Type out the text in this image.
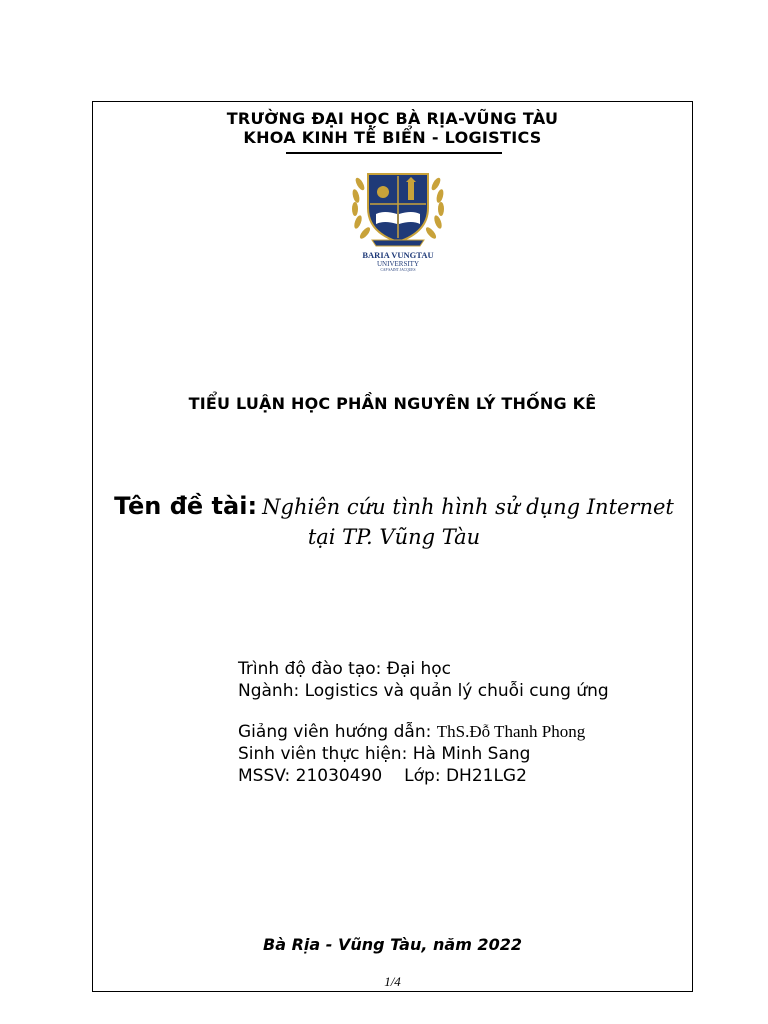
TRƯỜNG ĐẠI HỌC BÀ RỊA-VŨNG TÀU
KHOA KINH TẾ BIỂN - LOGISTICS
BARIA VUNGTAU
UNIVERSITY
CAP SAINT JACQUES
TIỂU LUẬN HỌC PHẦN NGUYÊN LÝ THỐNG KÊ
Tên đề tài: Nghiên cứu tình hình sử dụng Internet tại TP. Vũng Tàu
Trình độ đào tạo: Đại học
Ngành: Logistics và quản lý chuỗi cung ứng
Giảng viên hướng dẫn: ThS.Đỗ Thanh Phong
Sinh viên thực hiện: Hà Minh Sang
MSSV: 21030490 Lớp: DH21LG2
Bà Rịa - Vũng Tàu, năm 2022
1/4
